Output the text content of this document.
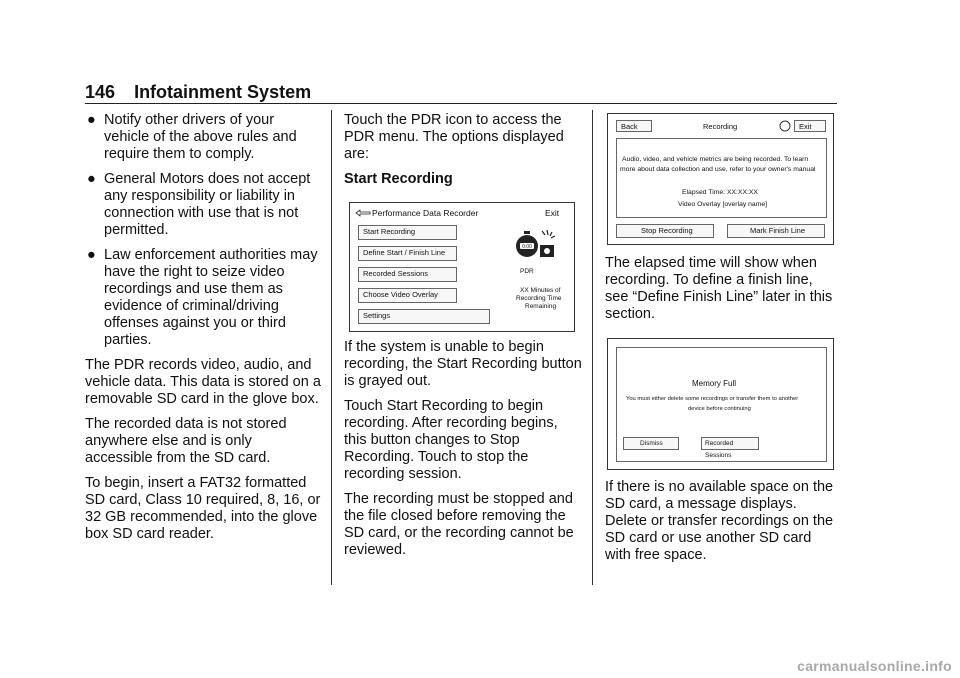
146 Infotainment System
● Notify other drivers of your vehicle of the above rules and require them to comply.
● General Motors does not accept any responsibility or liability in connection with use that is not permitted.
● Law enforcement authorities may have the right to seize video recordings and use them as evidence of criminal/driving offenses against you or third parties.

The PDR records video, audio, and vehicle data. This data is stored on a removable SD card in the glove box.

The recorded data is not stored anywhere else and is only accessible from the SD card.

To begin, insert a FAT32 formatted SD card, Class 10 required, 8, 16, or 32 GB recommended, into the glove box SD card reader.

Touch the PDR icon to access the PDR menu. The options displayed are:

Start Recording

Performance Data Recorder	Exit
Start Recording
Define Start / Finish Line
Recorded Sessions
Choose Video Overlay
Settings
0:00
PDR
XX Minutes of
Recording Time
Remaining

If the system is unable to begin recording, the Start Recording button is grayed out.

Touch Start Recording to begin recording. After recording begins, this button changes to Stop Recording. Touch to stop the recording session.

The recording must be stopped and the file closed before removing the SD card, or the recording cannot be reviewed.

Back	Recording	Exit
Audio, video, and vehicle metrics are being recorded. To learn
more about data collection and use, refer to your owner's manual
Elapsed Time: XX:XX:XX
Video Overlay [overlay name]
Stop Recording	Mark Finish Line

The elapsed time will show when recording. To define a finish line, see “Define Finish Line” later in this section.

Memory Full
You must either delete some recordings or transfer them to another
device before continuing
Dismiss	Recorded Sessions

If there is no available space on the SD card, a message displays. Delete or transfer recordings on the SD card or use another SD card with free space.

carmanualsonline.info
